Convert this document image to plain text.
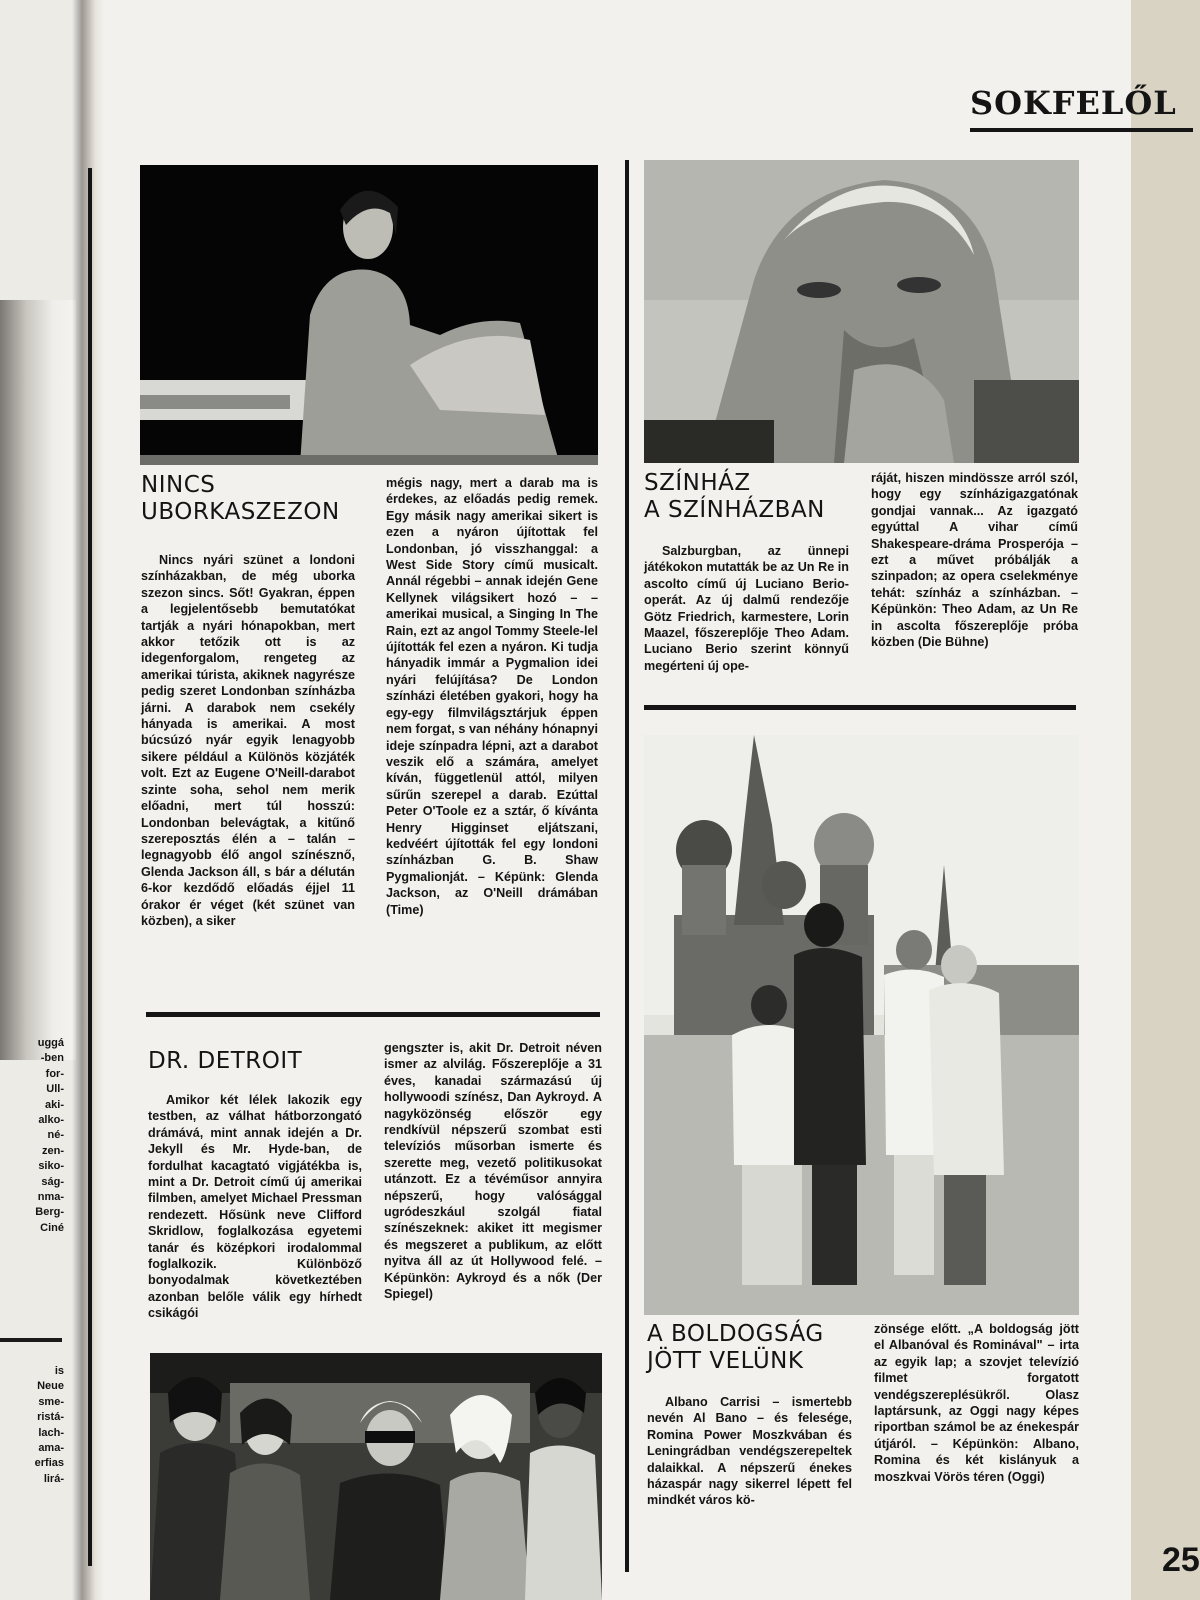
uggá
-ben
for-
Ull-
aki-
alko-
né-
zen-
siko-
ság-
nma-
Berg-
Ciné
is
Neue
sme-
ristá-
lach-
ama-
erfias
lirá-
SOKFELŐL
NINCS
UBORKASZEZON

Nincs nyári szünet a londoni színházakban, de még uborka szezon sincs. Sőt! Gyakran, éppen a legjelentősebb bemutatókat tartják a nyári hónapokban, mert akkor tetőzik ott is az idegenforgalom, rengeteg az amerikai túrista, akiknek nagyrésze pedig szeret Londonban színházba járni. A darabok nem csekély hányada is amerikai. A most búcsúzó nyár egyik lenagyobb sikere például a Különös közjáték volt. Ezt az Eugene O'Neill-darabot szinte soha, sehol nem merik előadni, mert túl hosszú: Londonban belevágtak, a kitűnő szereposztás élén a – talán – legnagyobb élő angol színésznő, Glenda Jackson áll, s bár a délután 6-kor kezdődő előadás éjjel 11 órakor ér véget (két szünet van közben), a siker

mégis nagy, mert a darab ma is érdekes, az előadás pedig remek. Egy másik nagy amerikai sikert is ezen a nyáron újítottak fel Londonban, jó visszhanggal: a West Side Story című musicalt. Annál régebbi – annak idején Gene Kellynek világsikert hozó – – amerikai musical, a Singing In The Rain, ezt az angol Tommy Steele-lel újították fel ezen a nyáron. Ki tudja hányadik immár a Pygmalion idei nyári felújítása? De London színházi életében gyakori, hogy ha egy-egy filmvilágsztárjuk éppen nem forgat, s van néhány hónapnyi ideje színpadra lépni, azt a darabot veszik elő a számára, amelyet kíván, függetlenül attól, milyen sűrűn szerepel a darab. Ezúttal Peter O'Toole ez a sztár, ő kívánta Henry Higginset eljátszani, kedvéért újították fel egy londoni színházban G. B. Shaw Pygmalionját. – Képünk: Glenda Jackson, az O'Neill drámában (Time)

DR. DETROIT

Amikor két lélek lakozik egy testben, az válhat hátborzongató drámává, mint annak idején a Dr. Jekyll és Mr. Hyde-ban, de fordulhat kacagtató vigjátékba is, mint a Dr. Detroit című új amerikai filmben, amelyet Michael Pressman rendezett. Hősünk neve Clifford Skridlow, foglalkozása egyetemi tanár és középkori irodalommal foglalkozik. Különböző bonyodalmak következtében azonban belőle válik egy hírhedt csikágói

gengszter is, akit Dr. Detroit néven ismer az alvilág. Főszereplője a 31 éves, kanadai származású új hollywoodi színész, Dan Aykroyd. A nagyközönség először egy rendkívül népszerű szombat esti televíziós műsorban ismerte és szerette meg, vezető politikusokat utánzott. Ez a tévéműsor annyira népszerű, hogy valósággal ugródeszkául szolgál fiatal színészeknek: akiket itt megismer és megszeret a publikum, az előtt nyitva áll az út Hollywood felé. – Képünkön: Aykroyd és a nők (Der Spiegel)

SZÍNHÁZ
A SZÍNHÁZBAN

Salzburgban, az ünnepi játékokon mutatták be az Un Re in ascolto című új Luciano Berio-operát. Az új dalmű rendezője Götz Friedrich, karmestere, Lorin Maazel, főszereplője Theo Adam. Luciano Berio szerint könnyű megérteni új ope-

ráját, hiszen mindössze arról szól, hogy egy színházigazgatónak gondjai vannak... Az igazgató egyúttal A vihar című Shakespeare-dráma Prosperója – ezt a művet próbálják a szinpadon; az opera cselekménye tehát: színház a színházban. – Képünkön: Theo Adam, az Un Re in ascolta főszereplője próba közben (Die Bühne)

A BOLDOGSÁG
JÖTT VELÜNK

Albano Carrisi – ismertebb nevén Al Bano – és felesége, Romina Power Moszkvában és Leningrádban vendégszerepeltek dalaikkal. A népszerű énekes házaspár nagy sikerrel lépett fel mindkét város kö-

zönsége előtt. „A boldogság jött el Albanóval és Rominával" – irta az egyik lap; a szovjet televízió filmet forgatott vendégszereplésükről. Olasz laptársunk, az Oggi nagy képes riportban számol be az énekespár útjáról. – Képünkön: Albano, Romina és két kislányuk a moszkvai Vörös téren (Oggi)

25
